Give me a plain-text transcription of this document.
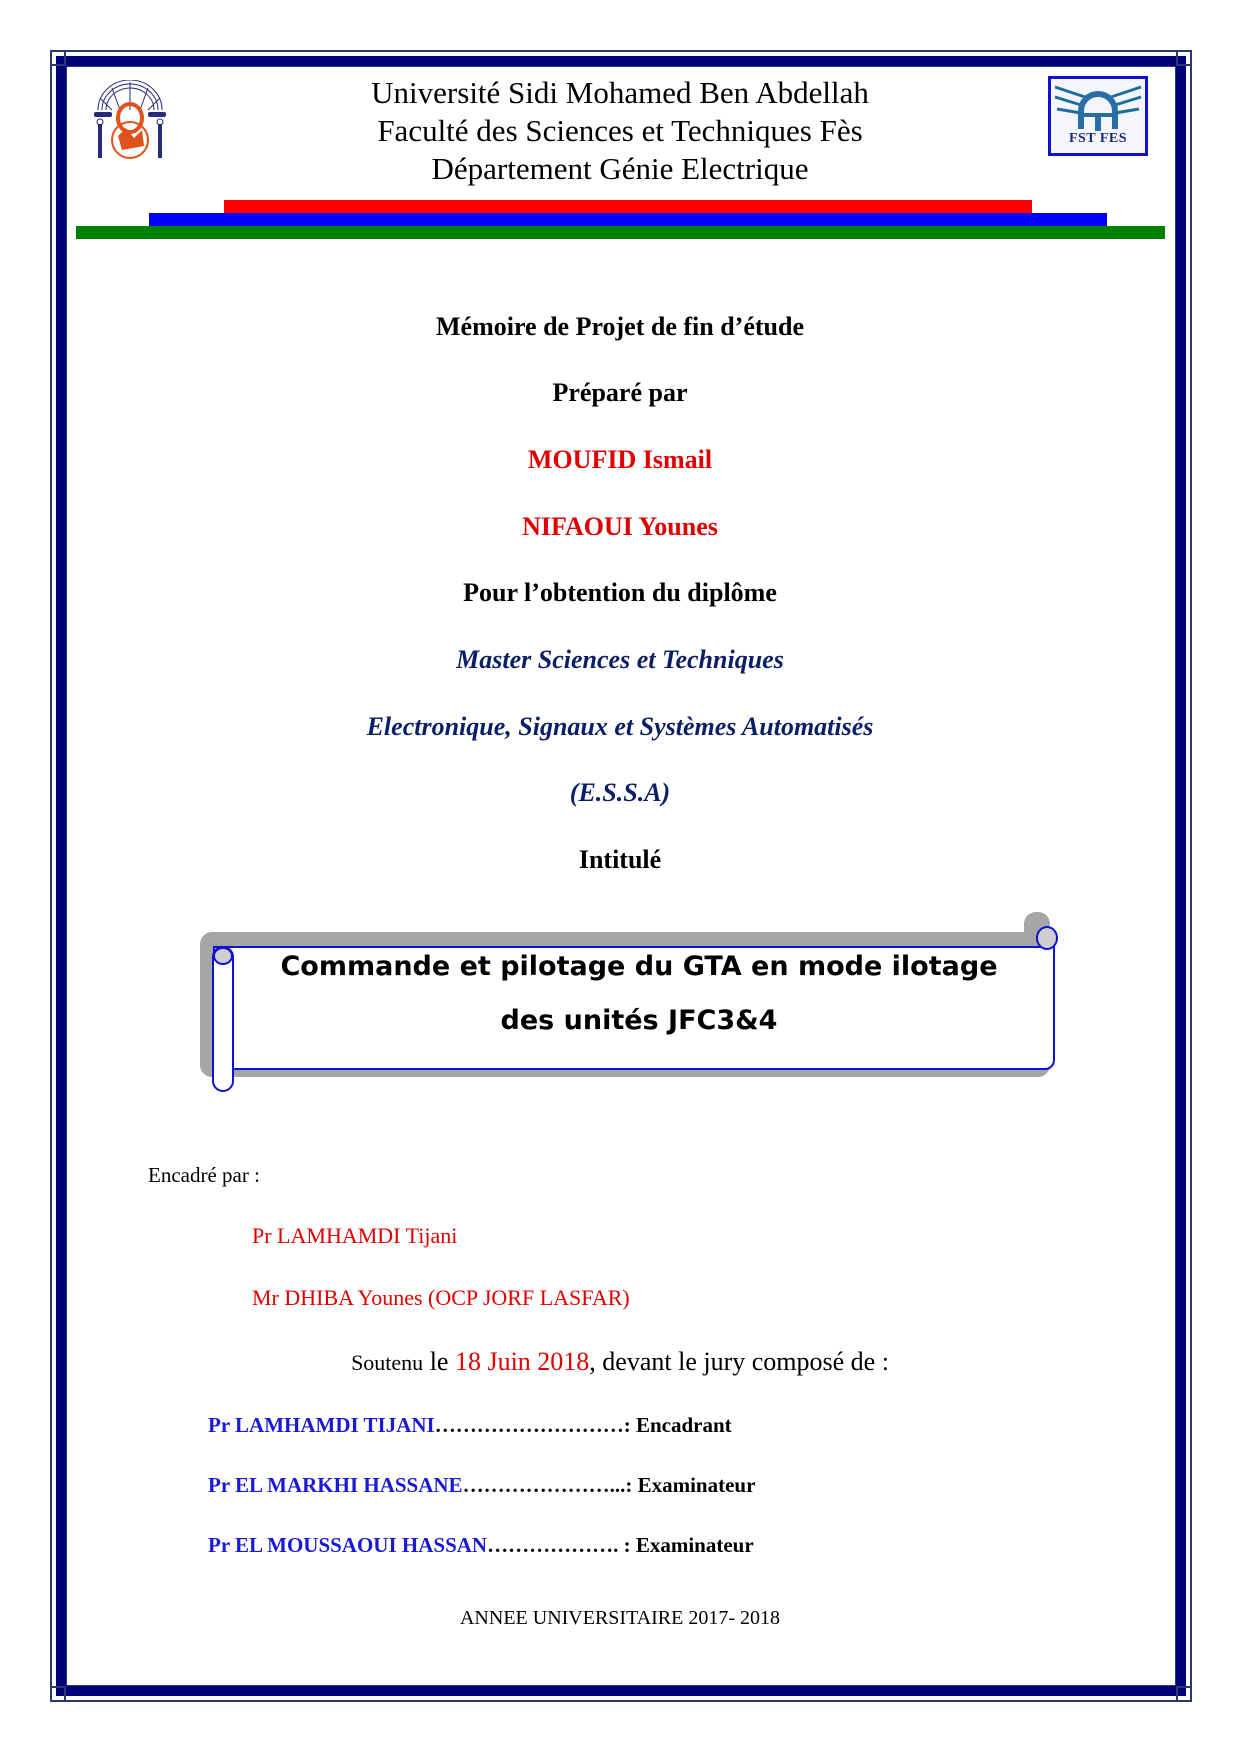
FST FES
Université Sidi Mohamed Ben Abdellah
Faculté des Sciences et Techniques Fès
Département Génie Electrique
Mémoire de Projet de fin d’étude
Préparé par
MOUFID Ismail
NIFAOUI Younes
Pour l’obtention du diplôme
Master Sciences et Techniques
Electronique, Signaux et Systèmes Automatisés
(E.S.S.A)
Intitulé
Commande et pilotage du GTA en mode ilotage
des unités JFC3&4
Encadré par :
Pr LAMHAMDI Tijani
Mr DHIBA Younes (OCP JORF LASFAR)
Soutenu le 18 Juin 2018, devant le jury composé de :
Pr LAMHAMDI TIJANI………………………: Encadrant
Pr EL MARKHI HASSANE…………………...: Examinateur
Pr EL MOUSSAOUI HASSAN………………. : Examinateur
ANNEE UNIVERSITAIRE 2017- 2018
